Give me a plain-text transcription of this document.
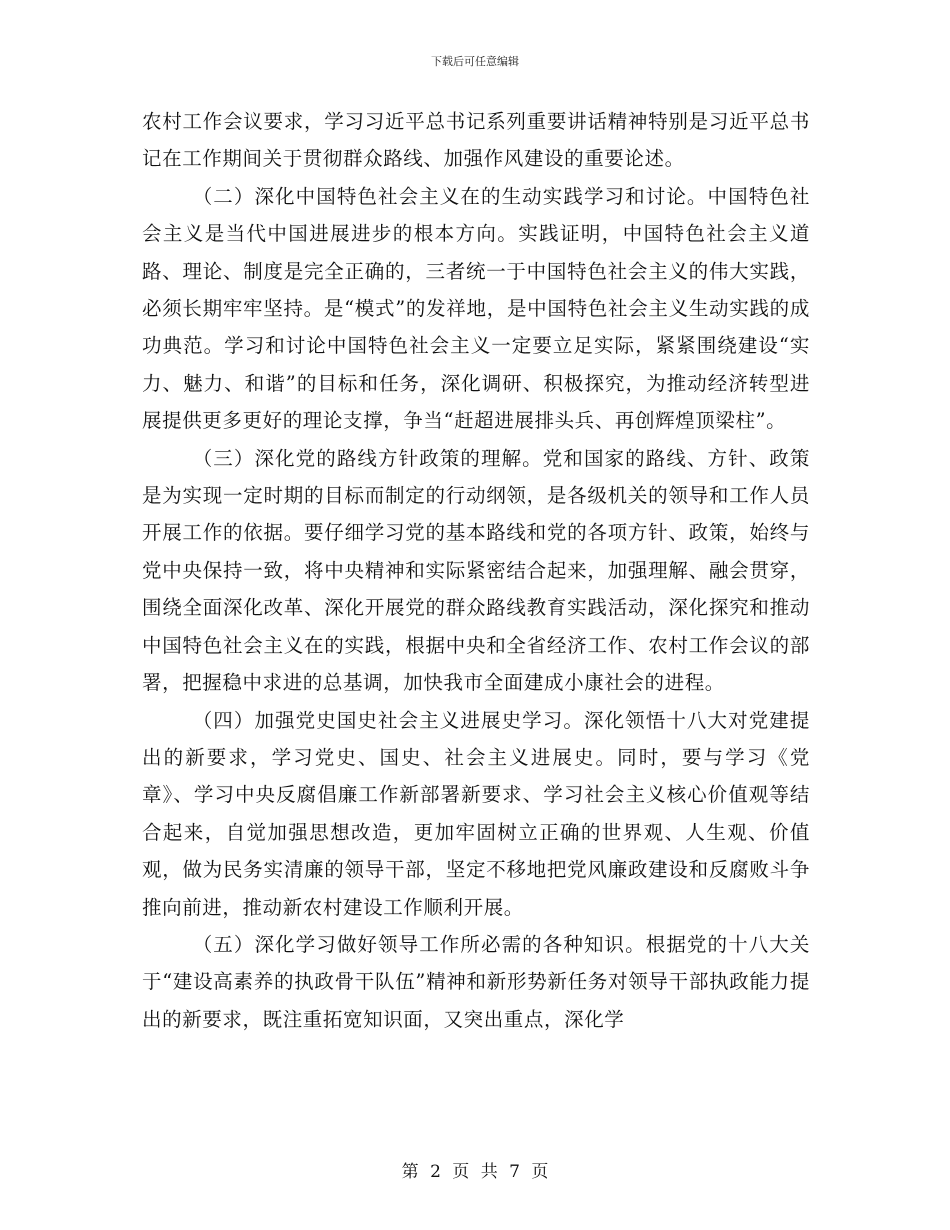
下载后可任意编辑

农村工作会议要求，学习习近平总书记系列重要讲话精神特别是习近平总书记在工作期间关于贯彻群众路线、加强作风建设的重要论述。

（二）深化中国特色社会主义在的生动实践学习和讨论。中国特色社会主义是当代中国进展进步的根本方向。实践证明，中国特色社会主义道路、理论、制度是完全正确的，三者统一于中国特色社会主义的伟大实践，必须长期牢牢坚持。是“模式”的发祥地，是中国特色社会主义生动实践的成功典范。学习和讨论中国特色社会主义一定要立足实际，紧紧围绕建设“实力、魅力、和谐”的目标和任务，深化调研、积极探究，为推动经济转型进展提供更多更好的理论支撑，争当“赶超进展排头兵、再创辉煌顶梁柱”。

（三）深化党的路线方针政策的理解。党和国家的路线、方针、政策是为实现一定时期的目标而制定的行动纲领，是各级机关的领导和工作人员开展工作的依据。要仔细学习党的基本路线和党的各项方针、政策，始终与党中央保持一致，将中央精神和实际紧密结合起来，加强理解、融会贯穿，围绕全面深化改革、深化开展党的群众路线教育实践活动，深化探究和推动中国特色社会主义在的实践，根据中央和全省经济工作、农村工作会议的部署，把握稳中求进的总基调，加快我市全面建成小康社会的进程。

（四）加强党史国史社会主义进展史学习。深化领悟十八大对党建提出的新要求，学习党史、国史、社会主义进展史。同时，要与学习《党章》、学习中央反腐倡廉工作新部署新要求、学习社会主义核心价值观等结合起来，自觉加强思想改造，更加牢固树立正确的世界观、人生观、价值观，做为民务实清廉的领导干部，坚定不移地把党风廉政建设和反腐败斗争推向前进，推动新农村建设工作顺利开展。

（五）深化学习做好领导工作所必需的各种知识。根据党的十八大关于“建设高素养的执政骨干队伍”精神和新形势新任务对领导干部执政能力提出的新要求，既注重拓宽知识面，又突出重点，深化学

第 2 页 共 7 页
